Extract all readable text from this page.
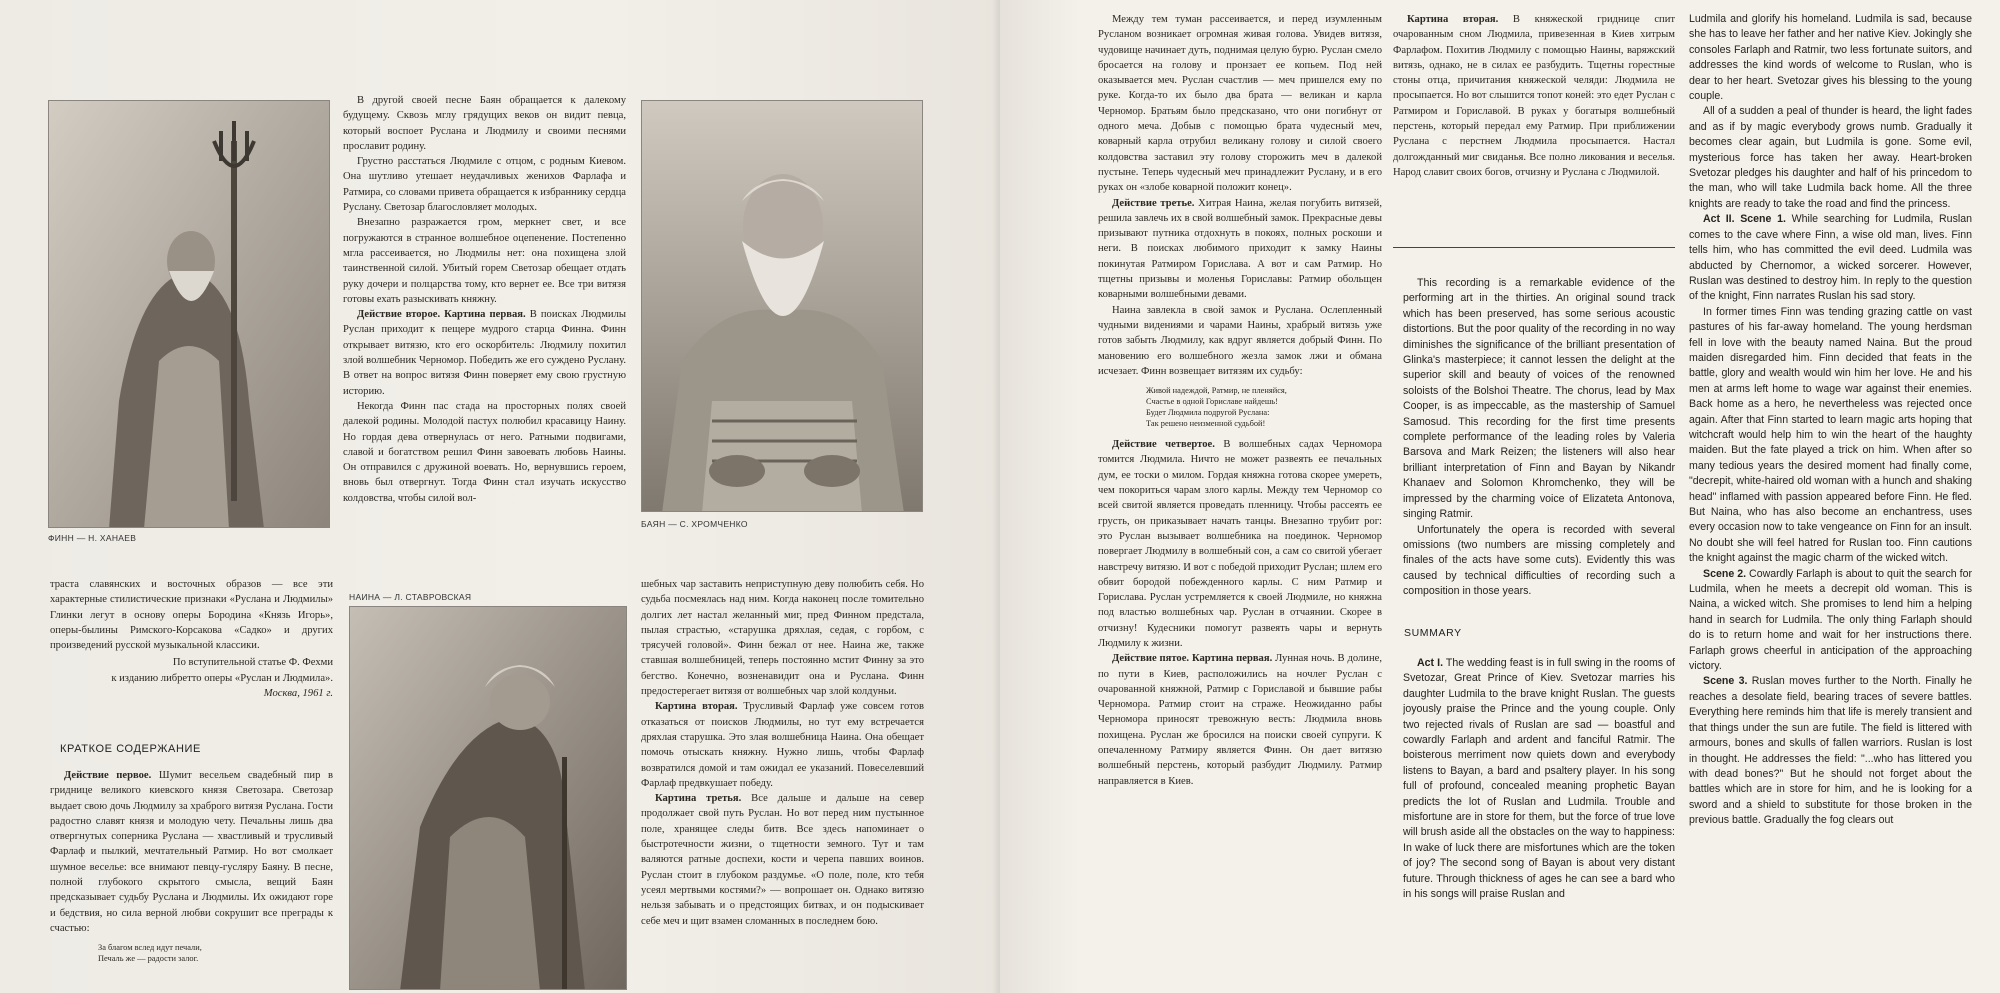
ФИНН — Н. ХАНАЕВ
БАЯН — С. ХРОМЧЕНКО
НАИНА — Л. СТАВРОВСКАЯ

В другой своей песне Баян обращается к далекому будущему. Сквозь мглу грядущих веков он видит певца, который воспоет Руслана и Людмилу и своими песнями прославит родину.

Грустно расстаться Людмиле с отцом, с родным Киевом. Она шутливо утешает неудачливых женихов Фарлафа и Ратмира, со словами привета обращается к избраннику сердца Руслану. Светозар благословляет молодых.

Внезапно разражается гром, меркнет свет, и все погружаются в странное волшебное оцепенение. Постепенно мгла рассеивается, но Людмилы нет: она похищена злой таинственной силой. Убитый горем Светозар обещает отдать руку дочери и полцарства тому, кто вернет ее. Все три витязя готовы ехать разыскивать княжну.

Действие второе. Картина первая. В поисках Людмилы Руслан приходит к пещере мудрого старца Финна. Финн открывает витязю, кто его оскорбитель: Людмилу похитил злой волшебник Черномор. Победить же его суждено Руслану. В ответ на вопрос витязя Финн поверяет ему свою грустную историю.

Некогда Финн пас стада на просторных полях своей далекой родины. Молодой пастух полюбил красавицу Наину. Но гордая дева отвернулась от него. Ратными подвигами, славой и богатством решил Финн завоевать любовь Наины. Он отправился с дружиной воевать. Но, вернувшись героем, вновь был отвергнут. Тогда Финн стал изучать искусство колдовства, чтобы силой вол-

траста славянских и восточных образов — все эти характерные стилистические признаки «Руслана и Людмилы» Глинки легут в основу оперы Бородина «Князь Игорь», оперы-былины Римского-Корсакова «Садко» и других произведений русской музыкальной классики.

По вступительной статье Ф. Фехми

к изданию либретто оперы «Руслан и Людмила».

Москва, 1961 г.

КРАТКОЕ СОДЕРЖАНИЕ

Действие первое. Шумит весельем свадебный пир в гриднице великого киевского князя Светозара. Светозар выдает свою дочь Людмилу за храброго витязя Руслана. Гости радостно славят князя и молодую чету. Печальны лишь два отвергнутых соперника Руслана — хвастливый и трусливый Фарлаф и пылкий, мечтательный Ратмир. Но вот смолкает шумное веселье: все внимают певцу-гусляру Баяну. В песне, полной глубокого скрытого смысла, вещий Баян предсказывает судьбу Руслана и Людмилы. Их ожидают горе и бедствия, но сила верной любви сокрушит все преграды к счастью:

За благом вслед идут печали,
Печаль же — радости залог.

шебных чар заставить неприступную деву полюбить себя. Но судьба посмеялась над ним. Когда наконец после томительно долгих лет настал желанный миг, пред Финном предстала, пылая страстью, «старушка дряхлая, седая, с горбом, с трясучей головой». Финн бежал от нее. Наина же, также ставшая волшебницей, теперь постоянно мстит Финну за это бегство. Конечно, возненавидит она и Руслана. Финн предостерегает витязя от волшебных чар злой колдуньи.

Картина вторая. Трусливый Фарлаф уже совсем готов отказаться от поисков Людмилы, но тут ему встречается дряхлая старушка. Это злая волшебница Наина. Она обещает помочь отыскать княжну. Нужно лишь, чтобы Фарлаф возвратился домой и там ожидал ее указаний. Повеселевший Фарлаф предвкушает победу.

Картина третья. Все дальше и дальше на север продолжает свой путь Руслан. Но вот перед ним пустынное поле, хранящее следы битв. Все здесь напоминает о быстротечности жизни, о тщетности земного. Тут и там валяются ратные доспехи, кости и черепа павших воинов. Руслан стоит в глубоком раздумье. «О поле, поле, кто тебя усеял мертвыми костями?» — вопрошает он. Однако витязю нельзя забывать и о предстоящих битвах, и он подыскивает себе меч и щит взамен сломанных в последнем бою.

Между тем туман рассеивается, и перед изумленным Русланом возникает огромная живая голова. Увидев витязя, чудовище начинает дуть, поднимая целую бурю. Руслан смело бросается на голову и пронзает ее копьем. Под ней оказывается меч. Руслан счастлив — меч пришелся ему по руке. Когда-то их было два брата — великан и карла Черномор. Братьям было предсказано, что они погибнут от одного меча. Добыв с помощью брата чудесный меч, коварный карла отрубил великану голову и силой своего колдовства заставил эту голову сторожить меч в далекой пустыне. Теперь чудесный меч принадлежит Руслану, и в его руках он «злобе коварной положит конец».

Действие третье. Хитрая Наина, желая погубить витязей, решила завлечь их в свой волшебный замок. Прекрасные девы призывают путника отдохнуть в покоях, полных роскоши и неги. В поисках любимого приходит к замку Наины покинутая Ратмиром Горислава. А вот и сам Ратмир. Но тщетны призывы и моленья Гориславы: Ратмир обольщен коварными волшебными девами.

Наина завлекла в свой замок и Руслана. Ослепленный чудными видениями и чарами Наины, храбрый витязь уже готов забыть Людмилу, как вдруг является добрый Финн. По мановению его волшебного жезла замок лжи и обмана исчезает. Финн возвещает витязям их судьбу:

Живой надеждой, Ратмир, не пленяйся,
Счастье в одной Гориславе найдешь!
Будет Людмила подругой Руслана:
Так решено неизменной судьбой!

Действие четвертое. В волшебных садах Черномора томится Людмила. Ничто не может развеять ее печальных дум, ее тоски о милом. Гордая княжна готова скорее умереть, чем покориться чарам злого карлы. Между тем Черномор со всей свитой является проведать пленницу. Чтобы рассеять ее грусть, он приказывает начать танцы. Внезапно трубит рог: это Руслан вызывает волшебника на поединок. Черномор повергает Людмилу в волшебный сон, а сам со свитой убегает навстречу витязю. И вот с победой приходит Руслан; шлем его обвит бородой побежденного карлы. С ним Ратмир и Горислава. Руслан устремляется к своей Людмиле, но княжна под властью волшебных чар. Руслан в отчаянии. Скорее в отчизну! Кудесники помогут развеять чары и вернуть Людмилу к жизни.

Действие пятое. Картина первая. Лунная ночь. В долине, по пути в Киев, расположились на ночлег Руслан с очарованной княжной, Ратмир с Гориславой и бывшие рабы Черномора. Ратмир стоит на страже. Неожиданно рабы Черномора приносят тревожную весть: Людмила вновь похищена. Руслан же бросился на поиски своей супруги. К опечаленному Ратмиру является Финн. Он дает витязю волшебный перстень, который разбудит Людмилу. Ратмир направляется в Киев.

Картина вторая. В княжеской гриднице спит очарованным сном Людмила, привезенная в Киев хитрым Фарлафом. Похитив Людмилу с помощью Наины, варяжский витязь, однако, не в силах ее разбудить. Тщетны горестные стоны отца, причитания княжеской челяди: Людмила не просыпается. Но вот слышится топот коней: это едет Руслан с Ратмиром и Гориславой. В руках у богатыря волшебный перстень, который передал ему Ратмир. При приближении Руслана с перстнем Людмила просыпается. Настал долгожданный миг свиданья. Все полно ликования и веселья. Народ славит своих богов, отчизну и Руслана с Людмилой.

This recording is a remarkable evidence of the performing art in the thirties. An original sound track which has been preserved, has some serious acoustic distortions. But the poor quality of the recording in no way diminishes the significance of the brilliant presentation of Glinka's masterpiece; it cannot lessen the delight at the superior skill and beauty of voices of the renowned soloists of the Bolshoi Theatre. The chorus, lead by Max Cooper, is as impeccable, as the mastership of Samuel Samosud. This recording for the first time presents complete performance of the leading roles by Valeria Barsova and Mark Reizen; the listeners will also hear brilliant interpretation of Finn and Bayan by Nikandr Khanaev and Solomon Khromchenko, they will be impressed by the charming voice of Elizateta Antonova, singing Ratmir.

Unfortunately the opera is recorded with several omissions (two numbers are missing completely and finales of the acts have some cuts). Evidently this was caused by technical difficulties of recording such a composition in those years.

SUMMARY

Act I. The wedding feast is in full swing in the rooms of Svetozar, Great Prince of Kiev. Svetozar marries his daughter Ludmila to the brave knight Ruslan. The guests joyously praise the Prince and the young couple. Only two rejected rivals of Ruslan are sad — boastful and cowardly Farlaph and ardent and fanciful Ratmir. The boisterous merriment now quiets down and everybody listens to Bayan, a bard and psaltery player. In his song full of profound, concealed meaning prophetic Bayan predicts the lot of Ruslan and Ludmila. Trouble and misfortune are in store for them, but the force of true love will brush aside all the obstacles on the way to happiness: In wake of luck there are misfortunes which are the token of joy? The second song of Bayan is about very distant future. Through thickness of ages he can see a bard who in his songs will praise Ruslan and

Ludmila and glorify his homeland. Ludmila is sad, because she has to leave her father and her native Kiev. Jokingly she consoles Farlaph and Ratmir, two less fortunate suitors, and addresses the kind words of welcome to Ruslan, who is dear to her heart. Svetozar gives his blessing to the young couple.

All of a sudden a peal of thunder is heard, the light fades and as if by magic everybody grows numb. Gradually it becomes clear again, but Ludmila is gone. Some evil, mysterious force has taken her away. Heart-broken Svetozar pledges his daughter and half of his princedom to the man, who will take Ludmila back home. All the three knights are ready to take the road and find the princess.

Act II. Scene 1. While searching for Ludmila, Ruslan comes to the cave where Finn, a wise old man, lives. Finn tells him, who has committed the evil deed. Ludmila was abducted by Chernomor, a wicked sorcerer. However, Ruslan was destined to destroy him. In reply to the question of the knight, Finn narrates Ruslan his sad story.

In former times Finn was tending grazing cattle on vast pastures of his far-away homeland. The young herdsman fell in love with the beauty named Naina. But the proud maiden disregarded him. Finn decided that feats in the battle, glory and wealth would win him her love. He and his men at arms left home to wage war against their enemies. Back home as a hero, he nevertheless was rejected once again. After that Finn started to learn magic arts hoping that witchcraft would help him to win the heart of the haughty maiden. But the fate played a trick on him. When after so many tedious years the desired moment had finally come, "decrepit, white-haired old woman with a hunch and shaking head" inflamed with passion appeared before Finn. He fled. But Naina, who has also become an enchantress, uses every occasion now to take vengeance on Finn for an insult. No doubt she will feel hatred for Ruslan too. Finn cautions the knight against the magic charm of the wicked witch.

Scene 2. Cowardly Farlaph is about to quit the search for Ludmila, when he meets a decrepit old woman. This is Naina, a wicked witch. She promises to lend him a helping hand in search for Ludmila. The only thing Farlaph should do is to return home and wait for her instructions there. Farlaph grows cheerful in anticipation of the approaching victory.

Scene 3. Ruslan moves further to the North. Finally he reaches a desolate field, bearing traces of severe battles. Everything here reminds him that life is merely transient and that things under the sun are futile. The field is littered with armours, bones and skulls of fallen warriors. Ruslan is lost in thought. He addresses the field: "...who has littered you with dead bones?" But he should not forget about the battles which are in store for him, and he is looking for a sword and a shield to substitute for those broken in the previous battle. Gradually the fog clears out
